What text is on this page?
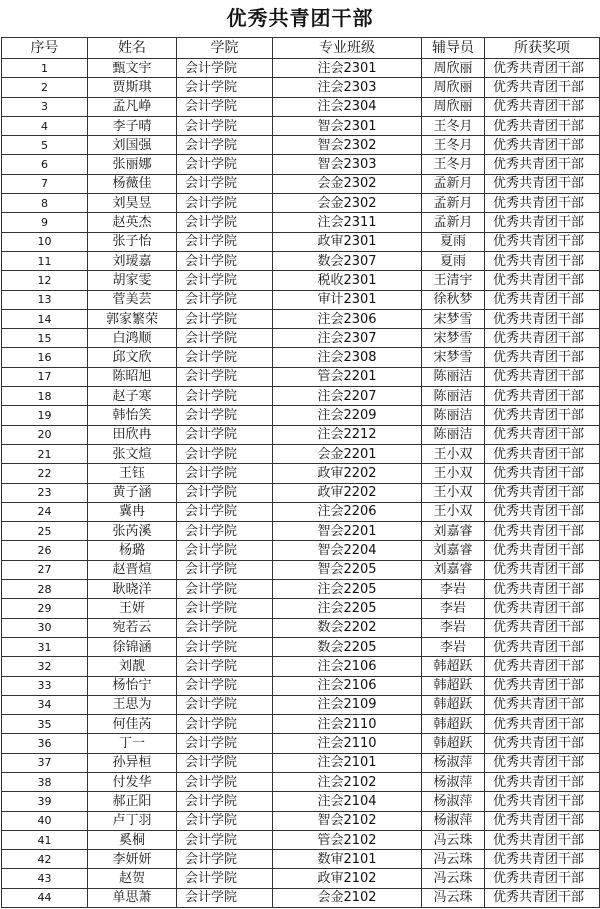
优秀共青团干部
序号	姓名	学院	专业班级	辅导员	所获奖项
1	甄文宇	会计学院	注会2301	周欣丽	优秀共青团干部
2	贾斯琪	会计学院	注会2303	周欣丽	优秀共青团干部
3	孟凡峥	会计学院	注会2304	周欣丽	优秀共青团干部
4	李子晴	会计学院	智会2301	王冬月	优秀共青团干部
5	刘国强	会计学院	智会2302	王冬月	优秀共青团干部
6	张丽娜	会计学院	智会2303	王冬月	优秀共青团干部
7	杨薇佳	会计学院	会金2302	孟新月	优秀共青团干部
8	刘昊昱	会计学院	会金2302	孟新月	优秀共青团干部
9	赵英杰	会计学院	注会2311	孟新月	优秀共青团干部
10	张子怡	会计学院	政审2301	夏雨	优秀共青团干部
11	刘瑷嘉	会计学院	数会2307	夏雨	优秀共青团干部
12	胡家雯	会计学院	税收2301	王清宇	优秀共青团干部
13	菅美芸	会计学院	审计2301	徐秋梦	优秀共青团干部
14	郭家繁荣	会计学院	注会2306	宋梦雪	优秀共青团干部
15	白鸿顺	会计学院	注会2307	宋梦雪	优秀共青团干部
16	邱文欣	会计学院	注会2308	宋梦雪	优秀共青团干部
17	陈昭旭	会计学院	管会2201	陈丽洁	优秀共青团干部
18	赵子寒	会计学院	注会2207	陈丽洁	优秀共青团干部
19	韩怡笑	会计学院	注会2209	陈丽洁	优秀共青团干部
20	田欣冉	会计学院	注会2212	陈丽洁	优秀共青团干部
21	张文煊	会计学院	会金2201	王小双	优秀共青团干部
22	王钰	会计学院	政审2202	王小双	优秀共青团干部
23	黄子涵	会计学院	政审2202	王小双	优秀共青团干部
24	冀冉	会计学院	注会2206	王小双	优秀共青团干部
25	张芮溪	会计学院	智会2201	刘嘉睿	优秀共青团干部
26	杨璐	会计学院	智会2204	刘嘉睿	优秀共青团干部
27	赵晋煊	会计学院	智会2205	刘嘉睿	优秀共青团干部
28	耿晓洋	会计学院	注会2205	李岩	优秀共青团干部
29	王妍	会计学院	注会2205	李岩	优秀共青团干部
30	宛若云	会计学院	数会2202	李岩	优秀共青团干部
31	徐锦涵	会计学院	数会2205	李岩	优秀共青团干部
32	刘靓	会计学院	注会2106	韩超跃	优秀共青团干部
33	杨怡宁	会计学院	注会2106	韩超跃	优秀共青团干部
34	王思为	会计学院	注会2109	韩超跃	优秀共青团干部
35	何佳芮	会计学院	注会2110	韩超跃	优秀共青团干部
36	丁一	会计学院	注会2110	韩超跃	优秀共青团干部
37	孙异桓	会计学院	注会2101	杨淑萍	优秀共青团干部
38	付发华	会计学院	注会2102	杨淑萍	优秀共青团干部
39	郝正阳	会计学院	注会2104	杨淑萍	优秀共青团干部
40	卢丁羽	会计学院	智会2102	杨淑萍	优秀共青团干部
41	奚桐	会计学院	管会2102	冯云珠	优秀共青团干部
42	李妍妍	会计学院	数审2101	冯云珠	优秀共青团干部
43	赵贺	会计学院	政审2102	冯云珠	优秀共青团干部
44	单思萧	会计学院	会金2102	冯云珠	优秀共青团干部
